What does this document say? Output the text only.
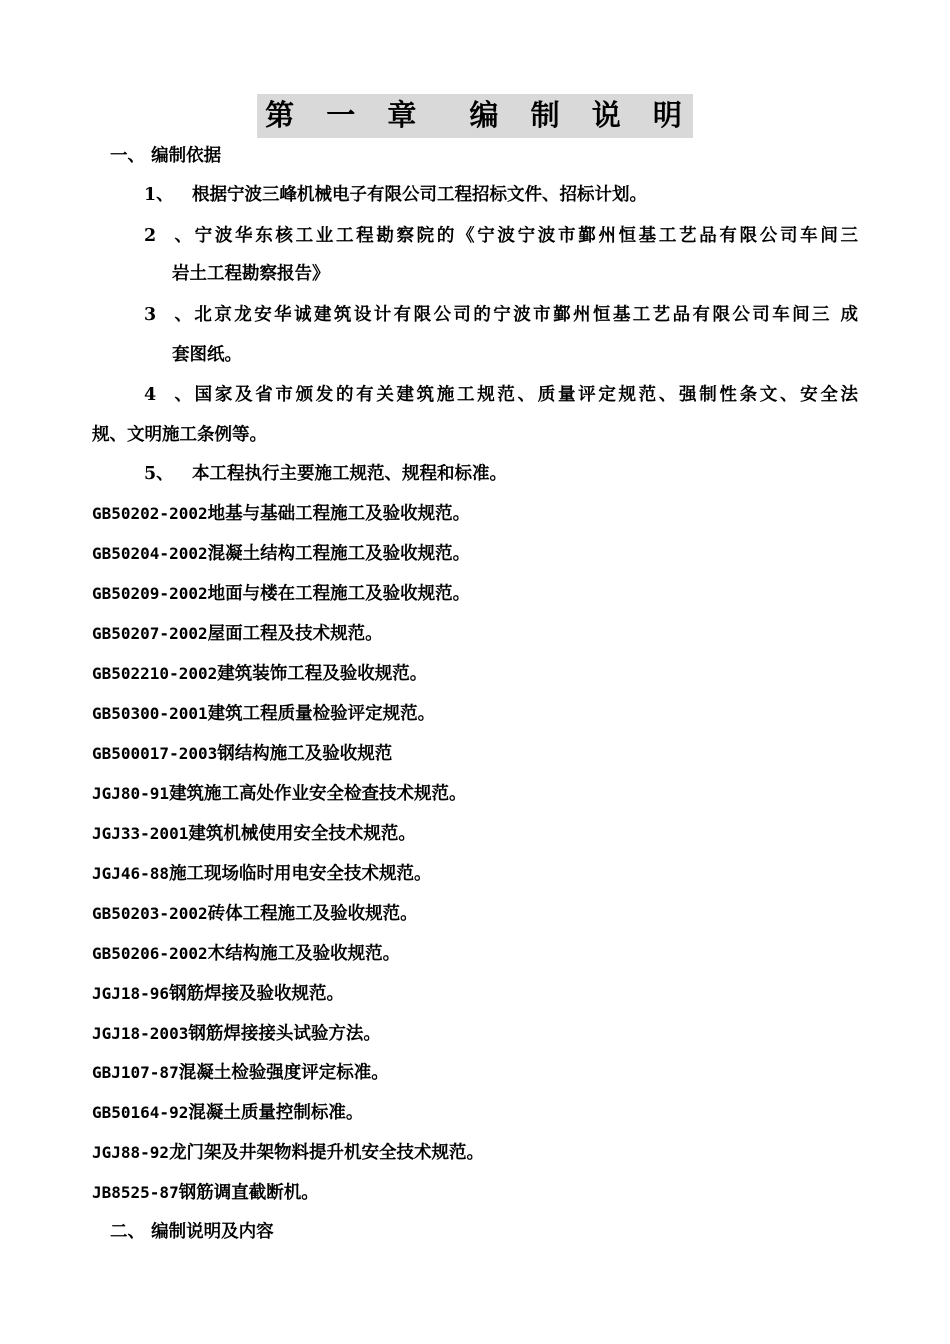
第 一 章  编 制 说 明
一、 编制依据
1、 根据宁波三峰机械电子有限公司工程招标文件、招标计划。
2、宁波华东核工业工程勘察院的《宁波宁波市鄞州恒基工艺品有限公司车间三
岩土工程勘察报告》
3、北京龙安华诚建筑设计有限公司的宁波市鄞州恒基工艺品有限公司车间三 成
套图纸。
4、国家及省市颁发的有关建筑施工规范、质量评定规范、强制性条文、安全法
规、文明施工条例等。
5、 本工程执行主要施工规范、规程和标准。
GB50202-2002地基与基础工程施工及验收规范。
GB50204-2002混凝土结构工程施工及验收规范。
GB50209-2002地面与楼在工程施工及验收规范。
GB50207-2002屋面工程及技术规范。
GB502210-2002建筑装饰工程及验收规范。
GB50300-2001建筑工程质量检验评定规范。
GB500017-2003钢结构施工及验收规范
JGJ80-91建筑施工高处作业安全检查技术规范。
JGJ33-2001建筑机械使用安全技术规范。
JGJ46-88施工现场临时用电安全技术规范。
GB50203-2002砖体工程施工及验收规范。
GB50206-2002木结构施工及验收规范。
JGJ18-96钢筋焊接及验收规范。
JGJ18-2003钢筋焊接接头试验方法。
GBJ107-87混凝土检验强度评定标准。
GB50164-92混凝土质量控制标准。
JGJ88-92龙门架及井架物料提升机安全技术规范。
JB8525-87钢筋调直截断机。
二、 编制说明及内容
